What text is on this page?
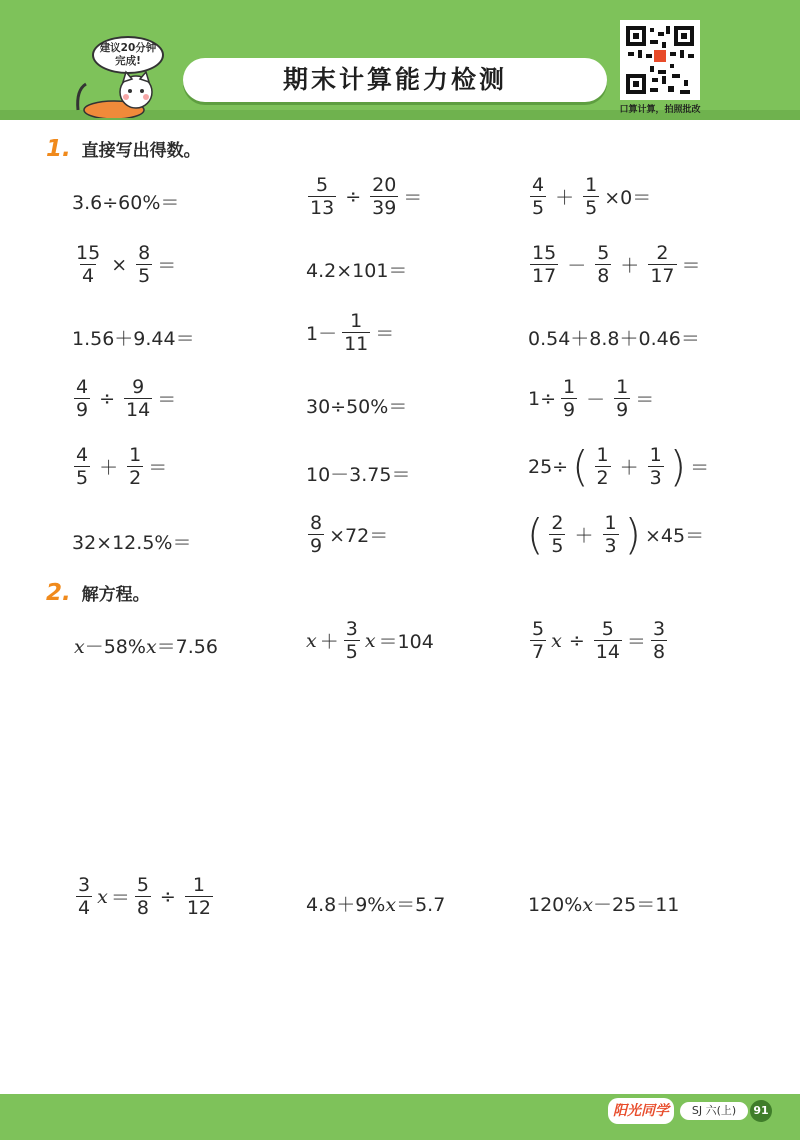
建议20分钟
完成!
期末计算能力检测
口算计算，拍照批改
1. 直接写出得数。
3.6÷60%＝	$\frac{5}{13} \div \frac{20}{39}$ ＝	$\frac{4}{5} + \frac{1}{5} \times 0=$
$\frac{15}{4} \times \frac{8}{5}$ ＝	4.2×101＝	$\frac{15}{17} - \frac{5}{8} + \frac{2}{17}$ ＝
1.56＋9.44＝	$1- \frac{1}{11}$ ＝	0.54＋8.8＋0.46＝
$\frac{4}{9} \div \frac{9}{14}$ ＝	30÷50%＝	$1\div \frac{1}{9} - \frac{1}{9}$ ＝
$\frac{4}{5} + \frac{1}{2}$ ＝	10－3.75＝	25÷ ( $\frac{1}{2} + \frac{1}{3}$ ) ＝
32×12.5%＝	$\frac{8}{9} \times 72=$	( $\frac{2}{5} + \frac{1}{3}$ ) ×45＝
2. 解方程。
x－58%x＝7.56	$x + \frac{3}{5}$ x ＝104	$\frac{5}{7}$ $x \div \frac{5}{14} = \frac{3}{8}$
$\frac{3}{4}$ $x = \frac{5}{8} \div \frac{1}{12}$	4.8＋9%x＝5.7	120%x－25＝11
阳光同学	SJ 六(上)	91
